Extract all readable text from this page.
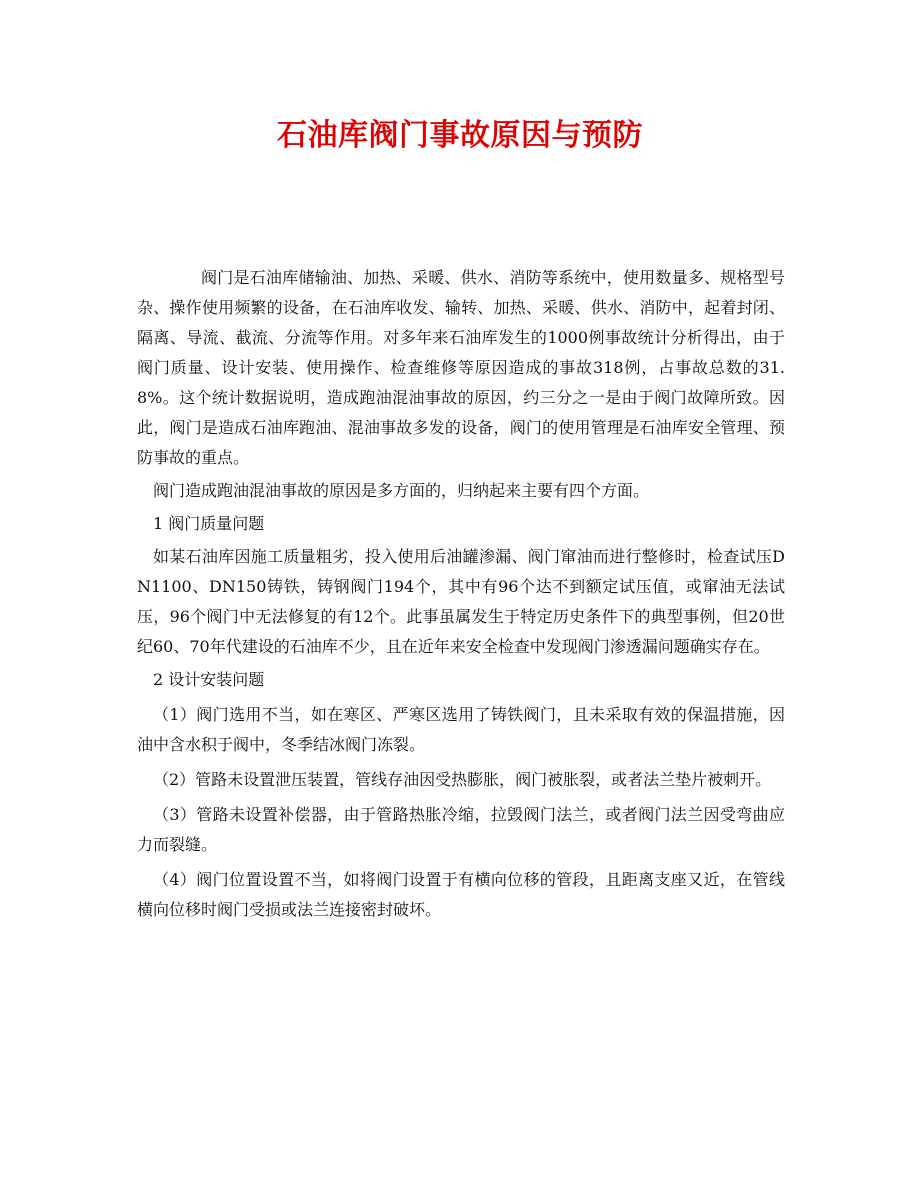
石油库阀门事故原因与预防

阀门是石油库储输油、加热、采暖、供水、消防等系统中，使用数量多、规格型号杂、操作使用频繁的设备，在石油库收发、输转、加热、采暖、供水、消防中，起着封闭、隔离、导流、截流、分流等作用。对多年来石油库发生的1000例事故统计分析得出，由于阀门质量、设计安装、使用操作、检查维修等原因造成的事故318例，占事故总数的31.8%。这个统计数据说明，造成跑油混油事故的原因，约三分之一是由于阀门故障所致。因此，阀门是造成石油库跑油、混油事故多发的设备，阀门的使用管理是石油库安全管理、预防事故的重点。

阀门造成跑油混油事故的原因是多方面的，归纳起来主要有四个方面。

1 阀门质量问题

如某石油库因施工质量粗劣，投入使用后油罐渗漏、阀门窜油而进行整修时，检查试压DN1100、DN150铸铁，铸钢阀门194个，其中有96个达不到额定试压值，或窜油无法试压，96个阀门中无法修复的有12个。此事虽属发生于特定历史条件下的典型事例，但20世纪60、70年代建设的石油库不少，且在近年来安全检查中发现阀门渗透漏问题确实存在。

2 设计安装问题

（1）阀门选用不当，如在寒区、严寒区选用了铸铁阀门，且未采取有效的保温措施，因油中含水积于阀中，冬季结冰阀门冻裂。

（2）管路未设置泄压装置，管线存油因受热膨胀，阀门被胀裂，或者法兰垫片被刺开。

（3）管路未设置补偿器，由于管路热胀冷缩，拉毁阀门法兰，或者阀门法兰因受弯曲应力而裂缝。

（4）阀门位置设置不当，如将阀门设置于有横向位移的管段，且距离支座又近，在管线横向位移时阀门受损或法兰连接密封破坏。
